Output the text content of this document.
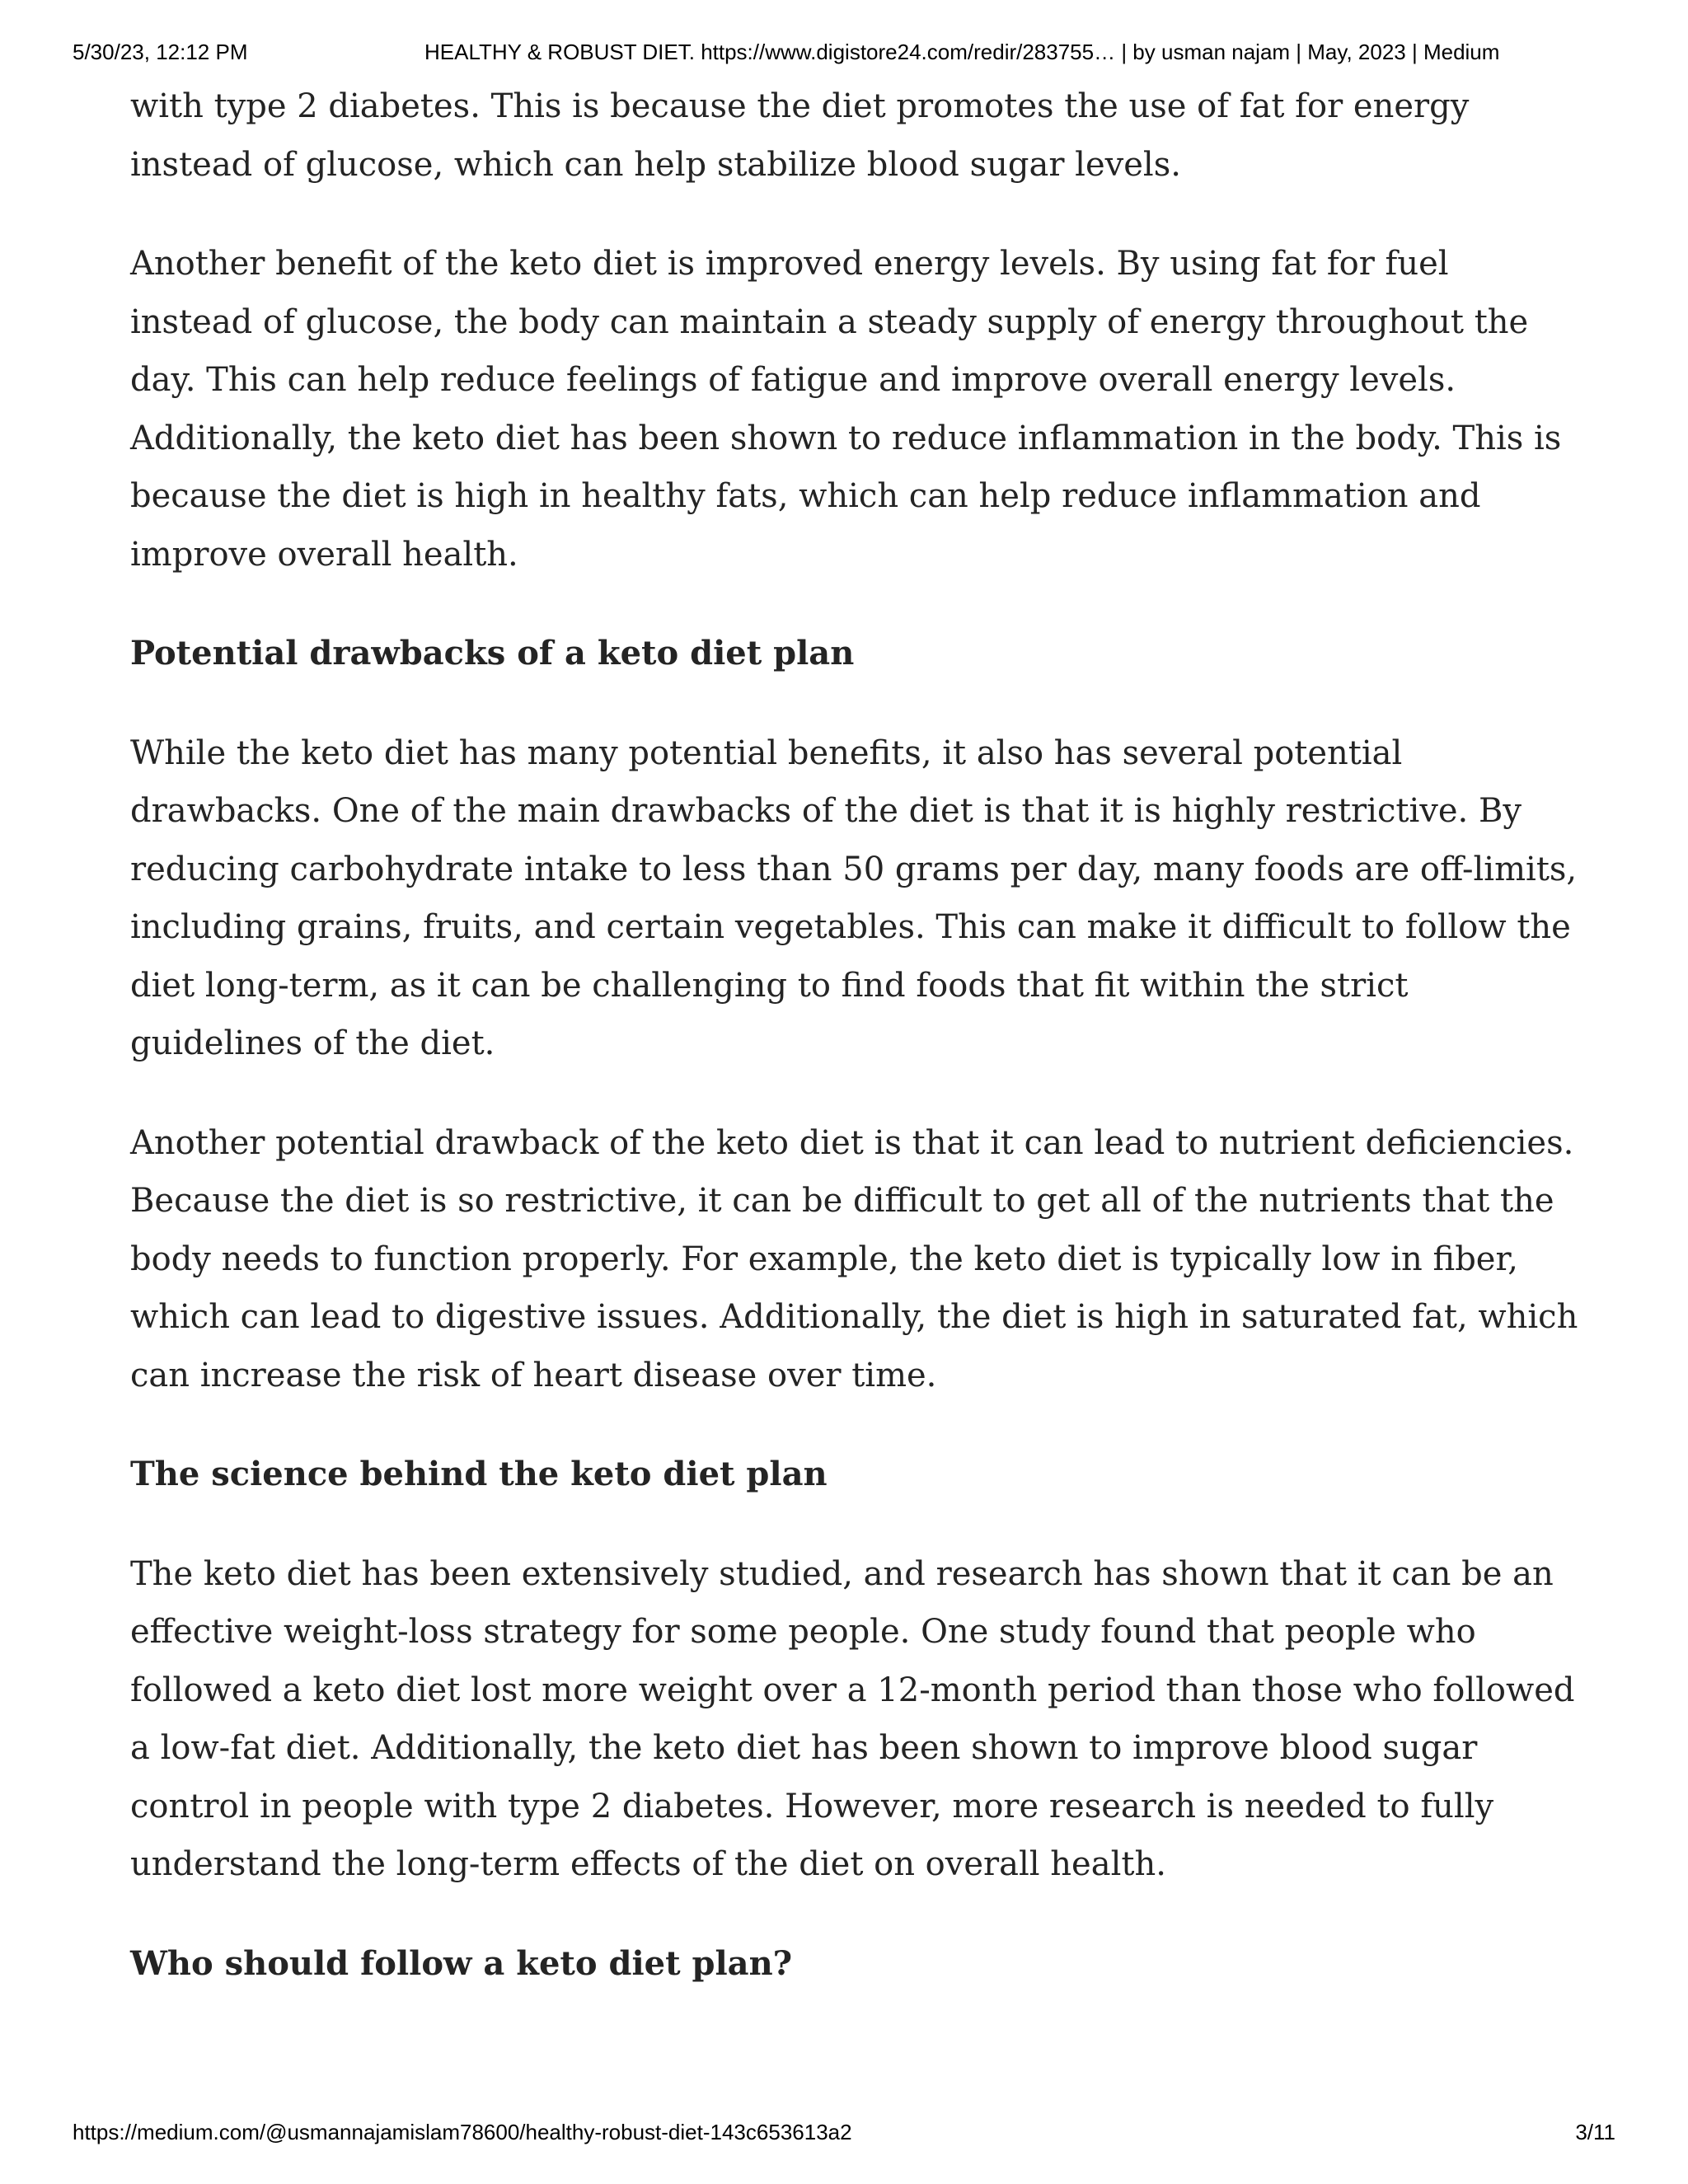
5/30/23, 12:12 PM	HEALTHY & ROBUST DIET. https://www.digistore24.com/redir/283755… | by usman najam | May, 2023 | Medium

with type 2 diabetes. This is because the diet promotes the use of fat for energy instead of glucose, which can help stabilize blood sugar levels.

Another benefit of the keto diet is improved energy levels. By using fat for fuel instead of glucose, the body can maintain a steady supply of energy throughout the day. This can help reduce feelings of fatigue and improve overall energy levels. Additionally, the keto diet has been shown to reduce inflammation in the body. This is because the diet is high in healthy fats, which can help reduce inflammation and improve overall health.

Potential drawbacks of a keto diet plan

While the keto diet has many potential benefits, it also has several potential drawbacks. One of the main drawbacks of the diet is that it is highly restrictive. By reducing carbohydrate intake to less than 50 grams per day, many foods are off-limits, including grains, fruits, and certain vegetables. This can make it difficult to follow the diet long-term, as it can be challenging to find foods that fit within the strict guidelines of the diet.

Another potential drawback of the keto diet is that it can lead to nutrient deficiencies. Because the diet is so restrictive, it can be difficult to get all of the nutrients that the body needs to function properly. For example, the keto diet is typically low in fiber, which can lead to digestive issues. Additionally, the diet is high in saturated fat, which can increase the risk of heart disease over time.

The science behind the keto diet plan

The keto diet has been extensively studied, and research has shown that it can be an effective weight-loss strategy for some people. One study found that people who followed a keto diet lost more weight over a 12-month period than those who followed a low-fat diet. Additionally, the keto diet has been shown to improve blood sugar control in people with type 2 diabetes. However, more research is needed to fully understand the long-term effects of the diet on overall health.

Who should follow a keto diet plan?
https://medium.com/@usmannajamislam78600/healthy-robust-diet-143c653613a2	3/11
